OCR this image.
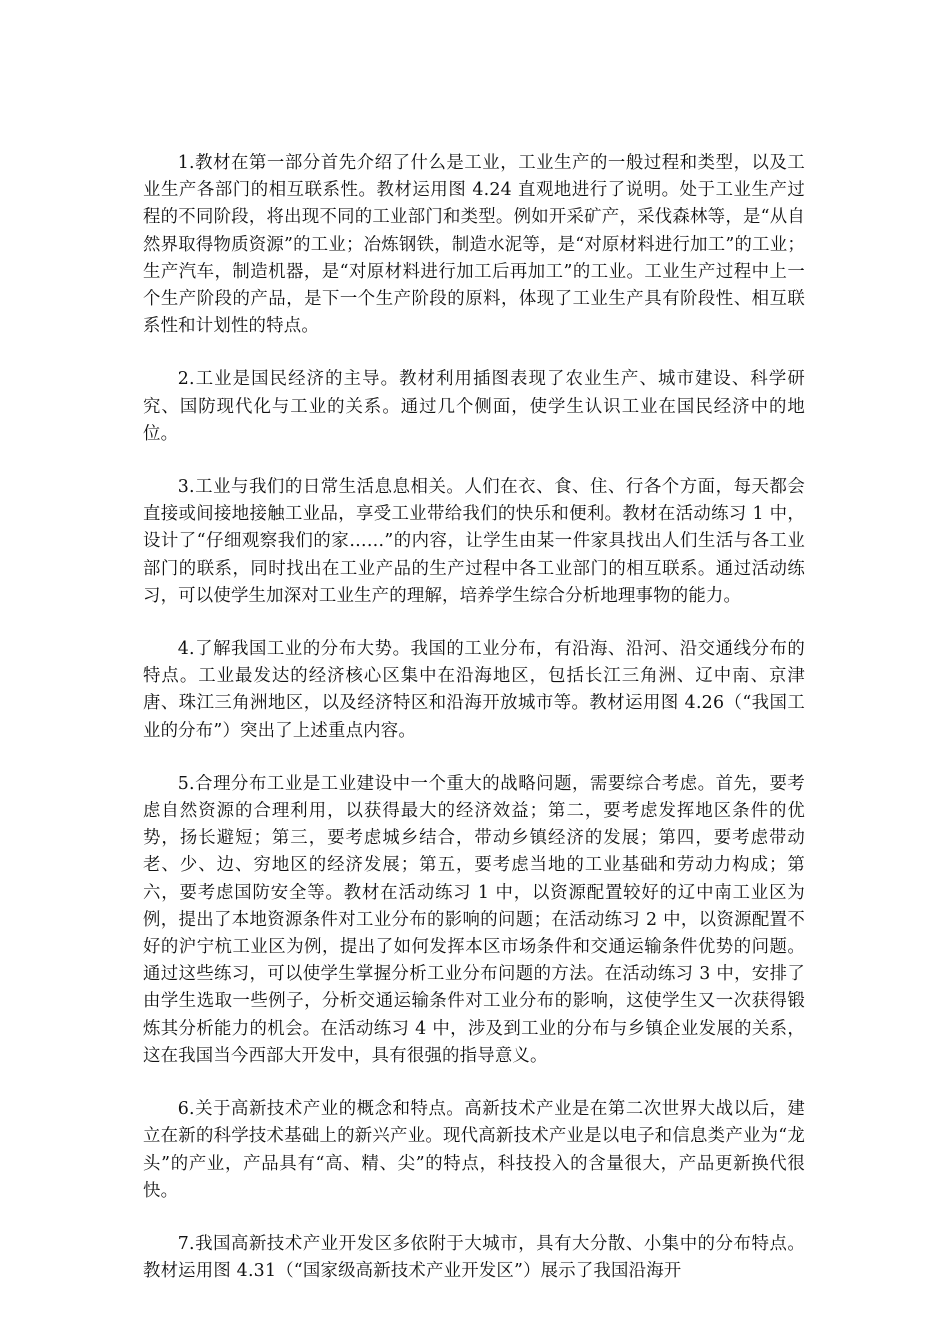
1.教材在第一部分首先介绍了什么是工业，工业生产的一般过程和类型，以及工业生产各部门的相互联系性。教材运用图 4.24 直观地进行了说明。处于工业生产过程的不同阶段，将出现不同的工业部门和类型。例如开采矿产，采伐森林等，是“从自然界取得物质资源”的工业；冶炼钢铁，制造水泥等，是“对原材料进行加工”的工业；生产汽车，制造机器，是“对原材料进行加工后再加工”的工业。工业生产过程中上一个生产阶段的产品，是下一个生产阶段的原料，体现了工业生产具有阶段性、相互联系性和计划性的特点。

2.工业是国民经济的主导。教材利用插图表现了农业生产、城市建设、科学研究、国防现代化与工业的关系。通过几个侧面，使学生认识工业在国民经济中的地位。

3.工业与我们的日常生活息息相关。人们在衣、食、住、行各个方面，每天都会直接或间接地接触工业品，享受工业带给我们的快乐和便利。教材在活动练习 1 中，设计了“仔细观察我们的家……”的内容，让学生由某一件家具找出人们生活与各工业部门的联系，同时找出在工业产品的生产过程中各工业部门的相互联系。通过活动练习，可以使学生加深对工业生产的理解，培养学生综合分析地理事物的能力。

4.了解我国工业的分布大势。我国的工业分布，有沿海、沿河、沿交通线分布的特点。工业最发达的经济核心区集中在沿海地区，包括长江三角洲、辽中南、京津唐、珠江三角洲地区，以及经济特区和沿海开放城市等。教材运用图 4.26（“我国工业的分布”）突出了上述重点内容。

5.合理分布工业是工业建设中一个重大的战略问题，需要综合考虑。首先，要考虑自然资源的合理利用，以获得最大的经济效益；第二，要考虑发挥地区条件的优势，扬长避短；第三，要考虑城乡结合，带动乡镇经济的发展；第四，要考虑带动老、少、边、穷地区的经济发展；第五，要考虑当地的工业基础和劳动力构成；第六，要考虑国防安全等。教材在活动练习 1 中，以资源配置较好的辽中南工业区为例，提出了本地资源条件对工业分布的影响的问题；在活动练习 2 中，以资源配置不好的沪宁杭工业区为例，提出了如何发挥本区市场条件和交通运输条件优势的问题。通过这些练习，可以使学生掌握分析工业分布问题的方法。在活动练习 3 中，安排了由学生选取一些例子，分析交通运输条件对工业分布的影响，这使学生又一次获得锻炼其分析能力的机会。在活动练习 4 中，涉及到工业的分布与乡镇企业发展的关系，这在我国当今西部大开发中，具有很强的指导意义。

6.关于高新技术产业的概念和特点。高新技术产业是在第二次世界大战以后，建立在新的科学技术基础上的新兴产业。现代高新技术产业是以电子和信息类产业为“龙头”的产业，产品具有“高、精、尖”的特点，科技投入的含量很大，产品更新换代很快。

7.我国高新技术产业开发区多依附于大城市，具有大分散、小集中的分布特点。教材运用图 4.31（“国家级高新技术产业开发区”）展示了我国沿海开
